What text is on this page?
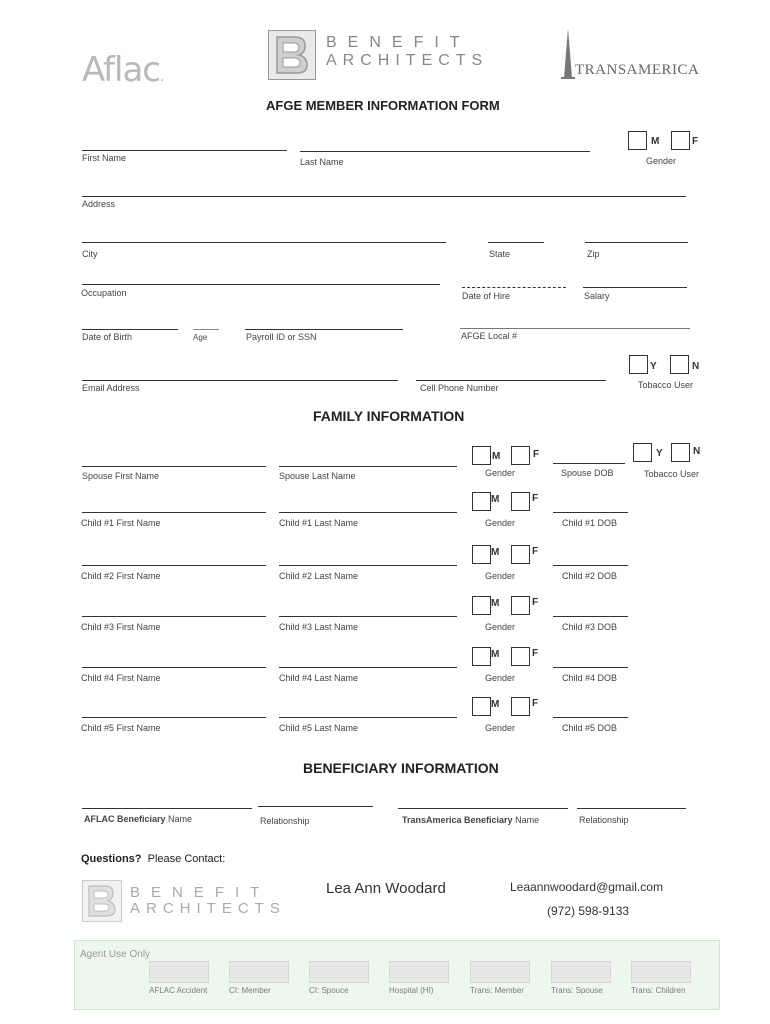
Aflac.
BENEFIT
ARCHITECTS
TRANSAMERICA
AFGE MEMBER INFORMATION FORM
First Name	Last Name
M	F
Gender
Address
City	State	Zip
Occupation	Date of Hire	Salary
Date of Birth	Age	Payroll ID or SSN	AFGE Local #
Y	N
Tobacco User
Email Address	Cell Phone Number
FAMILY INFORMATION
Spouse First Name	Spouse Last Name
M	F
Gender	Spouse DOB
Y	N
Tobacco User
Child #1 First Name	Child #1 Last Name
M	F
Gender	Child #1 DOB
Child #2 First Name	Child #2 Last Name
M	F
Gender	Child #2 DOB
Child #3 First Name	Child #3 Last Name
M	F
Gender	Child #3 DOB
Child #4 First Name	Child #4 Last Name
M	F
Gender	Child #4 DOB
Child #5 First Name	Child #5 Last Name
M	F
Gender	Child #5 DOB
BENEFICIARY INFORMATION
AFLAC Beneficiary Name	Relationship	TransAmerica Beneficiary Name	Relationship
Questions?  Please Contact:
BENEFIT
ARCHITECTS
Lea Ann Woodard	Leaannwoodard@gmail.com
(972) 598-9133
Agent Use Only
AFLAC Accident	CI: Member	CI: Spouce	Hospital (HI)	Trans: Member	Trans: Spouse	Trans: Children
